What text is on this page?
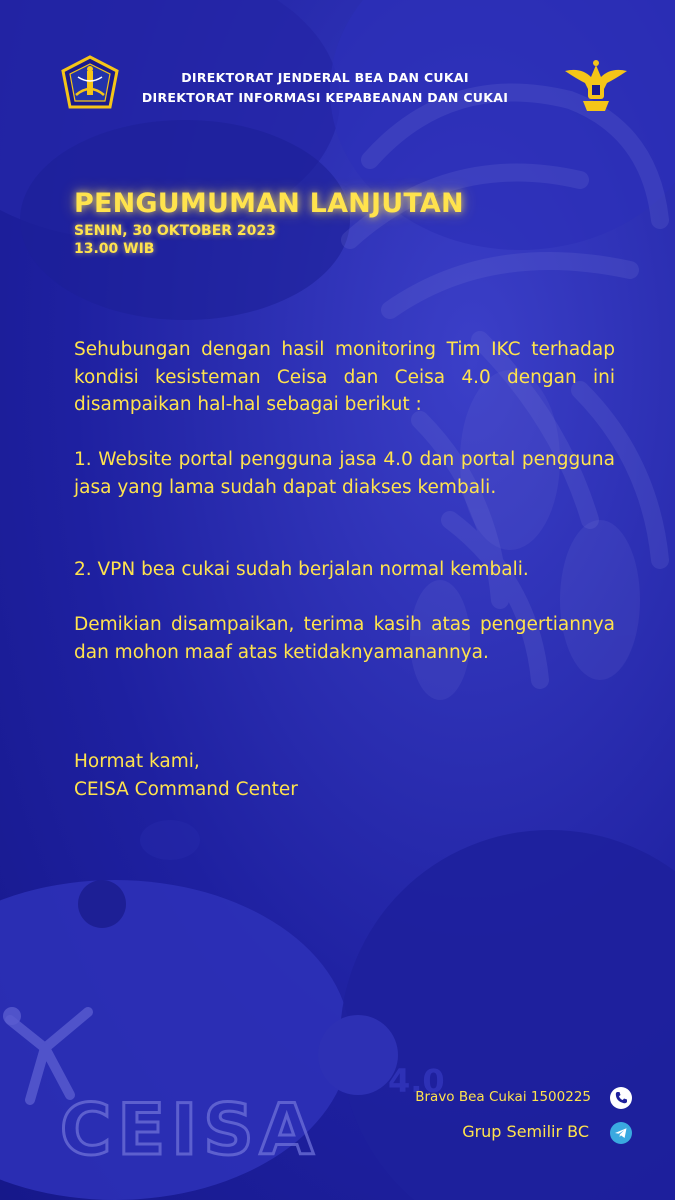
DIREKTORAT JENDERAL BEA DAN CUKAI
DIREKTORAT INFORMASI KEPABEANAN DAN CUKAI
PENGUMUMAN LANJUTAN
SENIN, 30 OKTOBER 2023
13.00 WIB
Sehubungan dengan hasil monitoring Tim IKC terhadap kondisi kesisteman Ceisa dan Ceisa 4.0 dengan ini disampaikan hal-hal sebagai berikut :
1. Website portal pengguna jasa 4.0 dan portal pengguna jasa yang lama sudah dapat diakses kembali.
2. VPN bea cukai sudah berjalan normal kembali.
Demikian disampaikan, terima kasih atas pengertiannya dan mohon maaf atas ketidaknyamanannya.
Hormat kami,
CEISA Command Center
CEISA
4.0
Bravo Bea Cukai 1500225
Grup Semilir BC
